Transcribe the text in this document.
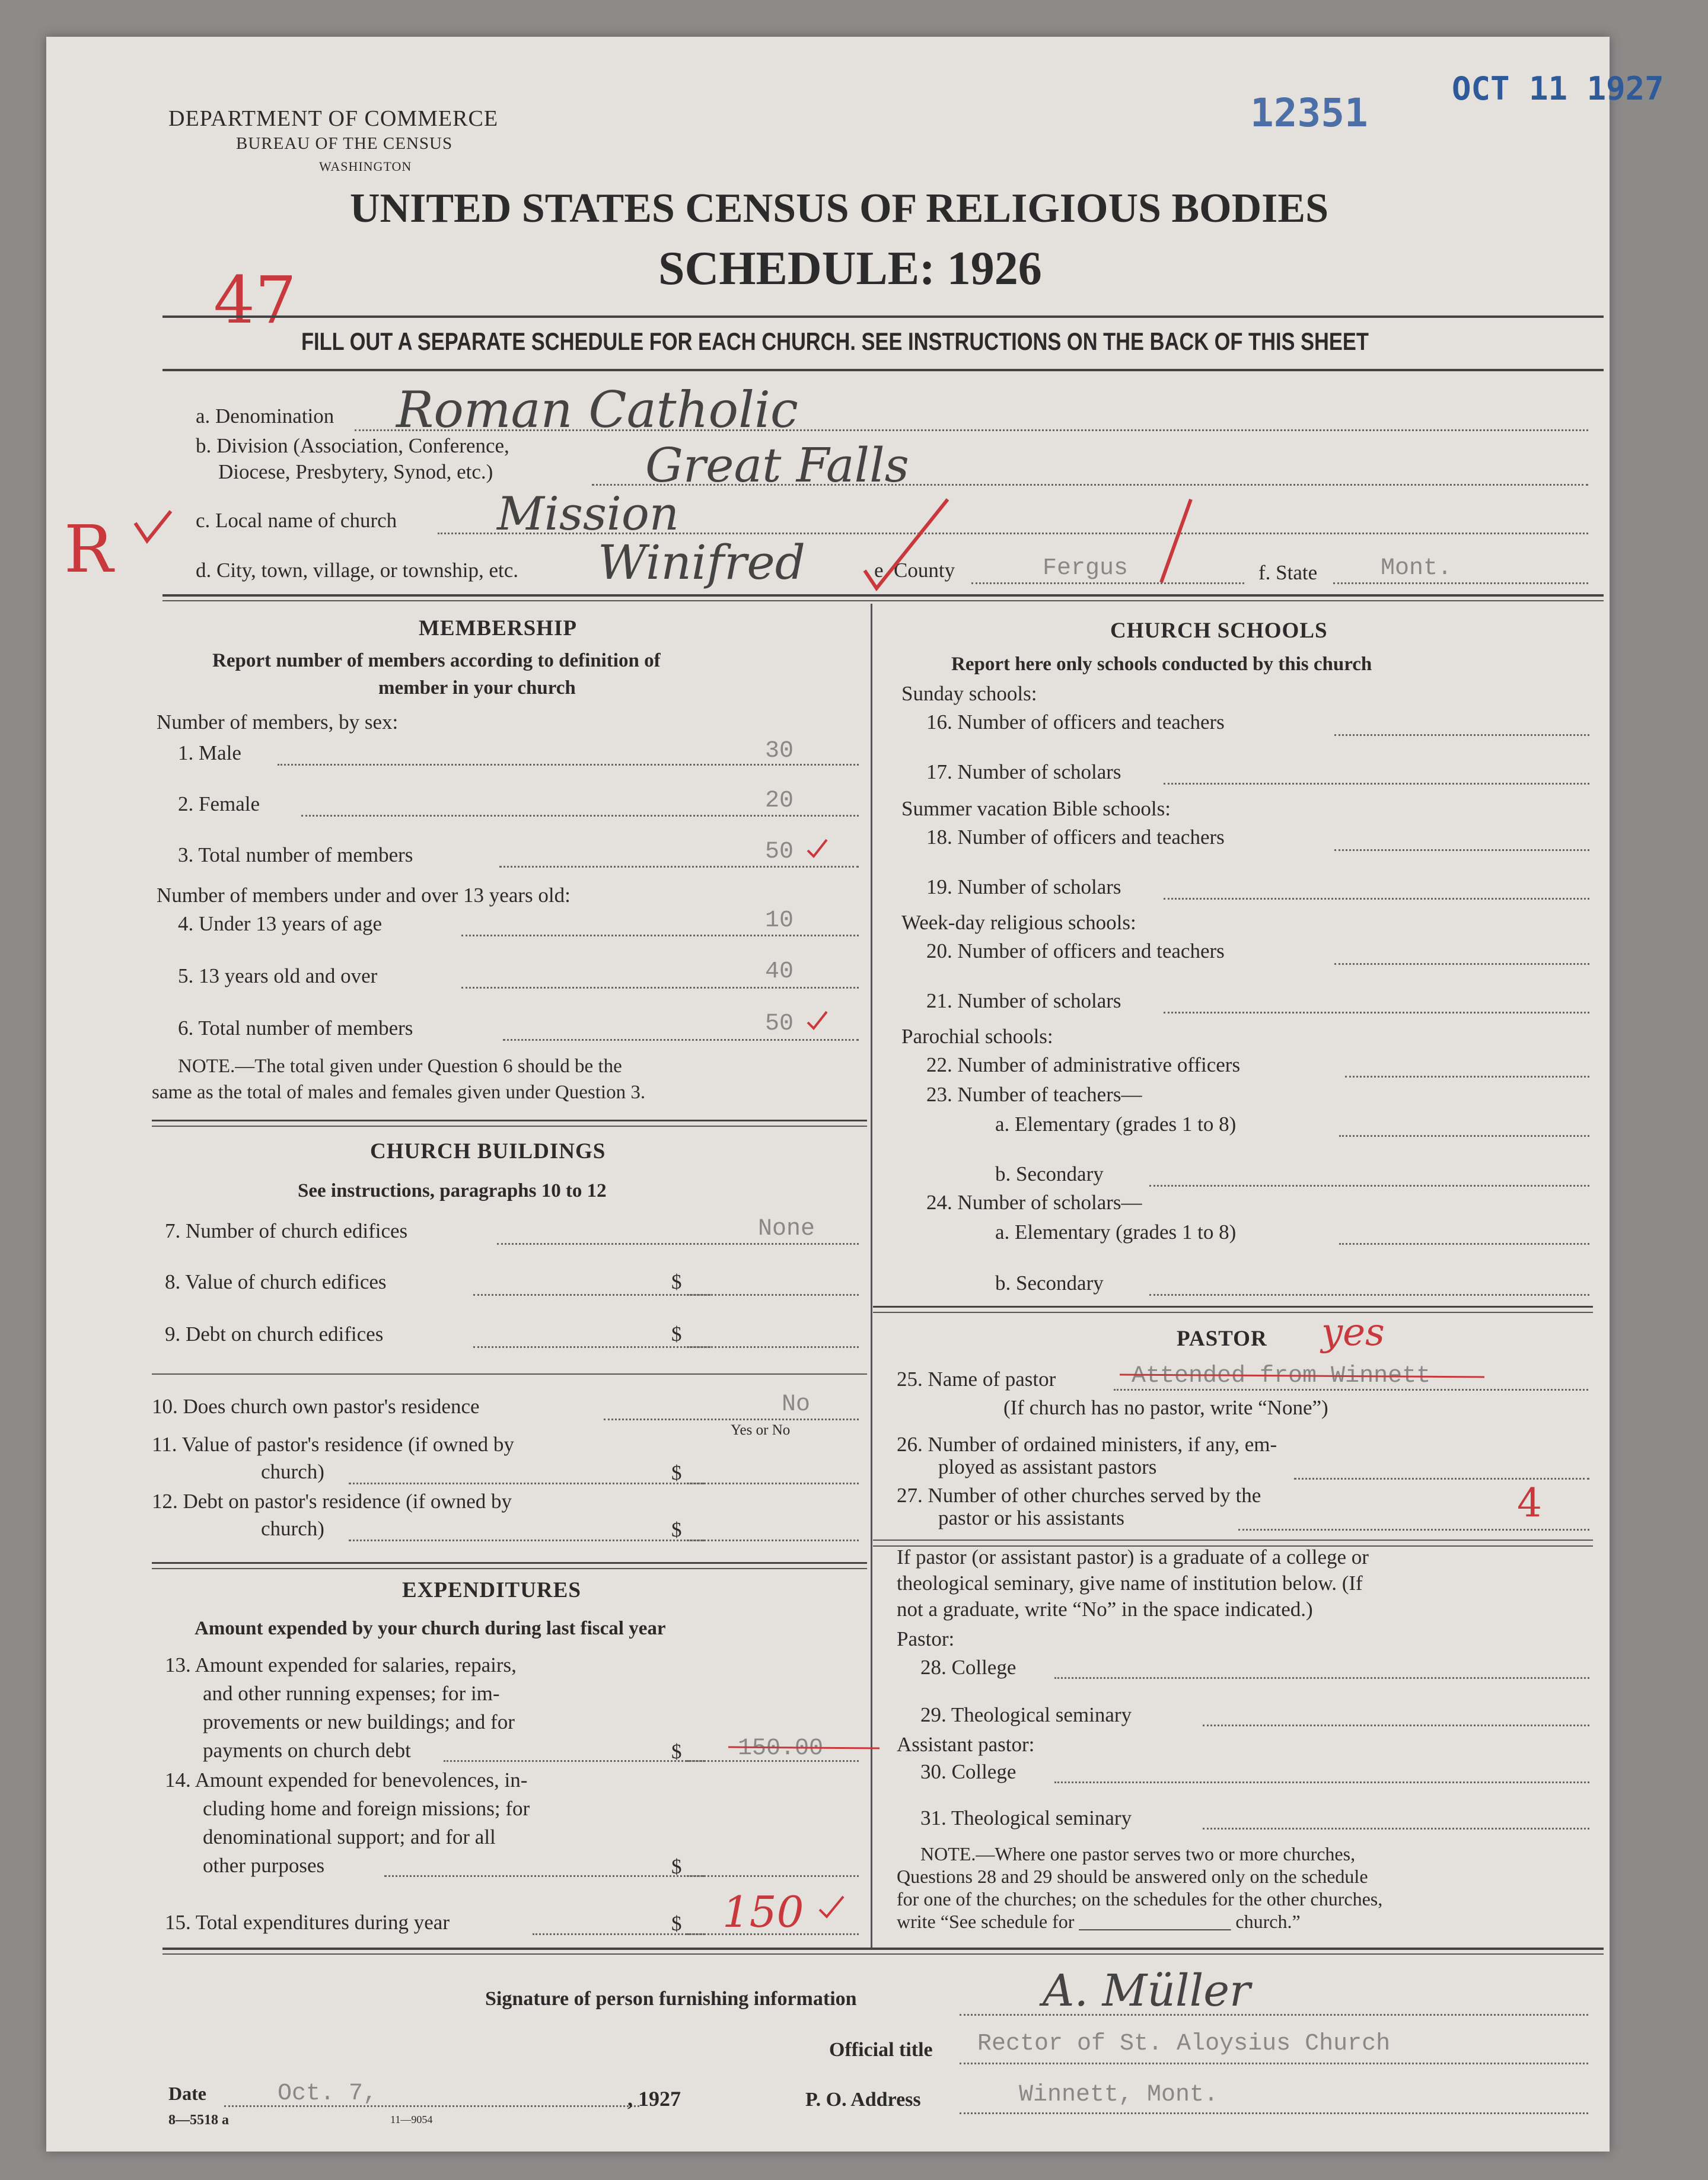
DEPARTMENT OF COMMERCE
BUREAU OF THE CENSUS
WASHINGTON
12351
OCT 11 1927
UNITED STATES CENSUS OF RELIGIOUS BODIES
SCHEDULE: 1926
47
FILL OUT A SEPARATE SCHEDULE FOR EACH CHURCH. SEE INSTRUCTIONS ON THE BACK OF THIS SHEET
a. Denomination Roman Catholic
b. Division (Association, Conference,
Diocese, Presbytery, Synod, etc.)	Great Falls
c. Local name of church Mission
R	d. City, town, village, or township, etc. Winifred	e. County	Fergus	f. State	Mont.
MEMBERSHIP
Report number of members according to definition of
member in your church
Number of members, by sex:
1. Male	30
2. Female	20
3. Total number of members	50
Number of members under and over 13 years old:
4. Under 13 years of age	10
5. 13 years old and over	40
6. Total number of members	50
NOTE.—The total given under Question 6 should be the
same as the total of males and females given under Question 3.
CHURCH BUILDINGS
See instructions, paragraphs 10 to 12
7. Number of church edifices	None
8. Value of church edifices	$
9. Debt on church edifices	$
10. Does church own pastor's residence	No
Yes or No
11. Value of pastor's residence (if owned by
church)	$
12. Debt on pastor's residence (if owned by
church)	$
EXPENDITURES
Amount expended by your church during last fiscal year
13. Amount expended for salaries, repairs,
and other running expenses; for im-
provements or new buildings; and for
payments on church debt	$ 150.00
14. Amount expended for benevolences, in-
cluding home and foreign missions; for
denominational support; and for all
other purposes	$
15. Total expenditures during year	$ 150
CHURCH SCHOOLS
Report here only schools conducted by this church
Sunday schools:
16. Number of officers and teachers
17. Number of scholars
Summer vacation Bible schools:
18. Number of officers and teachers
19. Number of scholars
Week-day religious schools:
20. Number of officers and teachers
21. Number of scholars
Parochial schools:
22. Number of administrative officers
23. Number of teachers—
a. Elementary (grades 1 to 8)
b. Secondary
24. Number of scholars—
a. Elementary (grades 1 to 8)
b. Secondary
PASTOR yes
25. Name of pastor	Attended from Winnett
(If church has no pastor, write “None”)
26. Number of ordained ministers, if any, em-
ployed as assistant pastors
27. Number of other churches served by the
pastor or his assistants	4
If pastor (or assistant pastor) is a graduate of a college or
theological seminary, give name of institution below. (If
not a graduate, write “No” in the space indicated.)
Pastor:
28. College
29. Theological seminary
Assistant pastor:
30. College
31. Theological seminary
NOTE.—Where one pastor serves two or more churches,
Questions 28 and 29 should be answered only on the schedule
for one of the churches; on the schedules for the other churches,
write “See schedule for ________________ church.”
Signature of person furnishing information	A. Müller
Official title Rector of St. Aloysius Church
Date	Oct. 7,	, 1927	P. O. Address	Winnett, Mont.
8—5518 a	11—9054
